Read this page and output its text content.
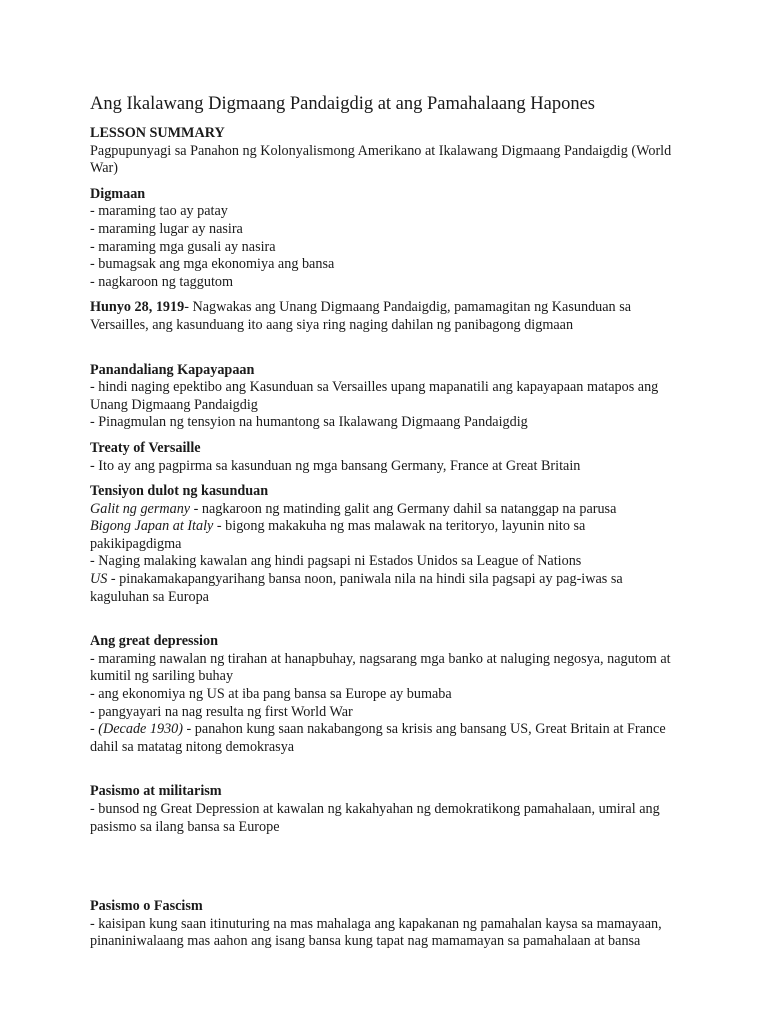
Ang Ikalawang Digmaang Pandaigdig at ang Pamahalaang Hapones

LESSON SUMMARY

Pagpupunyagi sa Panahon ng Kolonyalismong Amerikano at Ikalawang Digmaang Pandaigdig (World War)

Digmaan

- maraming tao ay patay

- maraming lugar ay nasira

- maraming mga gusali ay nasira

- bumagsak ang mga ekonomiya ang bansa

- nagkaroon ng taggutom

Hunyo 28, 1919- Nagwakas ang Unang Digmaang Pandaigdig, pamamagitan ng Kasunduan sa Versailles, ang kasunduang ito aang siya ring naging dahilan ng panibagong digmaan

Panandaliang Kapayapaan

- hindi naging epektibo ang Kasunduan sa Versailles upang mapanatili ang kapayapaan matapos ang Unang Digmaang Pandaigdig

- Pinagmulan ng tensyion na humantong sa Ikalawang Digmaang Pandaigdig

Treaty of Versaille

- Ito ay ang pagpirma sa kasunduan ng mga bansang Germany, France at Great Britain

Tensiyon dulot ng kasunduan

Galit ng germany - nagkaroon ng matinding galit ang Germany dahil sa natanggap na parusa

Bigong Japan at Italy - bigong makakuha ng mas malawak na teritoryo, layunin nito sa pakikipagdigma

- Naging malaking kawalan ang hindi pagsapi ni Estados Unidos sa League of Nations

US - pinakamakapangyarihang bansa noon, paniwala nila na hindi sila pagsapi ay pag-iwas sa kaguluhan sa Europa

Ang great depression

- maraming nawalan ng tirahan at hanapbuhay, nagsarang mga banko at naluging negosya, nagutom at kumitil ng sariling buhay

- ang ekonomiya ng US at iba pang bansa sa Europe ay bumaba

- pangyayari na nag resulta ng first World War

- (Decade 1930) - panahon kung saan nakabangong sa krisis ang bansang US, Great Britain at France dahil sa matatag nitong demokrasya

Pasismo at militarism

- bunsod ng Great Depression at kawalan ng kakahyahan ng demokratikong pamahalaan, umiral ang pasismo sa ilang bansa sa Europe

Pasismo o Fascism

- kaisipan kung saan itinuturing na mas mahalaga ang kapakanan ng pamahalan kaysa sa mamayaan, pinaniniwalaang mas aahon ang isang bansa kung tapat nag mamamayan sa pamahalaan at bansa
